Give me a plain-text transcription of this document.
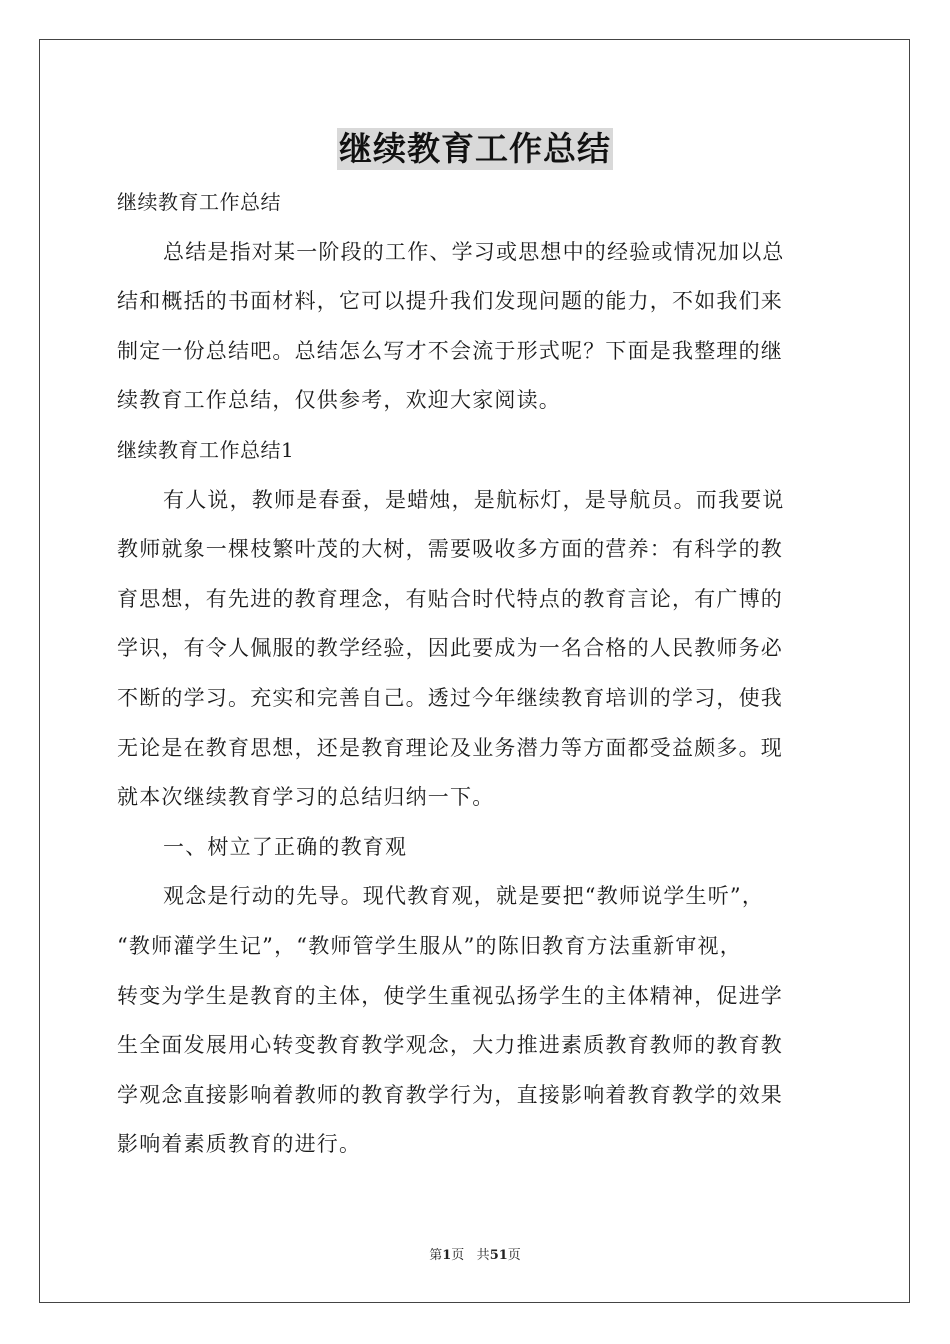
继续教育工作总结
继续教育工作总结
总结是指对某一阶段的工作、学习或思想中的经验或情况加以总
结和概括的书面材料，它可以提升我们发现问题的能力，不如我们来
制定一份总结吧。总结怎么写才不会流于形式呢？下面是我整理的继
续教育工作总结，仅供参考，欢迎大家阅读。
继续教育工作总结1
有人说，教师是春蚕，是蜡烛，是航标灯，是导航员。而我要说
教师就象一棵枝繁叶茂的大树，需要吸收多方面的营养：有科学的教
育思想，有先进的教育理念，有贴合时代特点的教育言论，有广博的
学识，有令人佩服的教学经验，因此要成为一名合格的人民教师务必
不断的学习。充实和完善自己。透过今年继续教育培训的学习，使我
无论是在教育思想，还是教育理论及业务潜力等方面都受益颇多。现
就本次继续教育学习的总结归纳一下。
一、树立了正确的教育观
观念是行动的先导。现代教育观，就是要把“教师说学生听”，
“教师灌学生记”，“教师管学生服从”的陈旧教育方法重新审视，
转变为学生是教育的主体，使学生重视弘扬学生的主体精神，促进学
生全面发展用心转变教育教学观念，大力推进素质教育教师的教育教
学观念直接影响着教师的教育教学行为，直接影响着教育教学的效果
影响着素质教育的进行。
第1页 共51页
